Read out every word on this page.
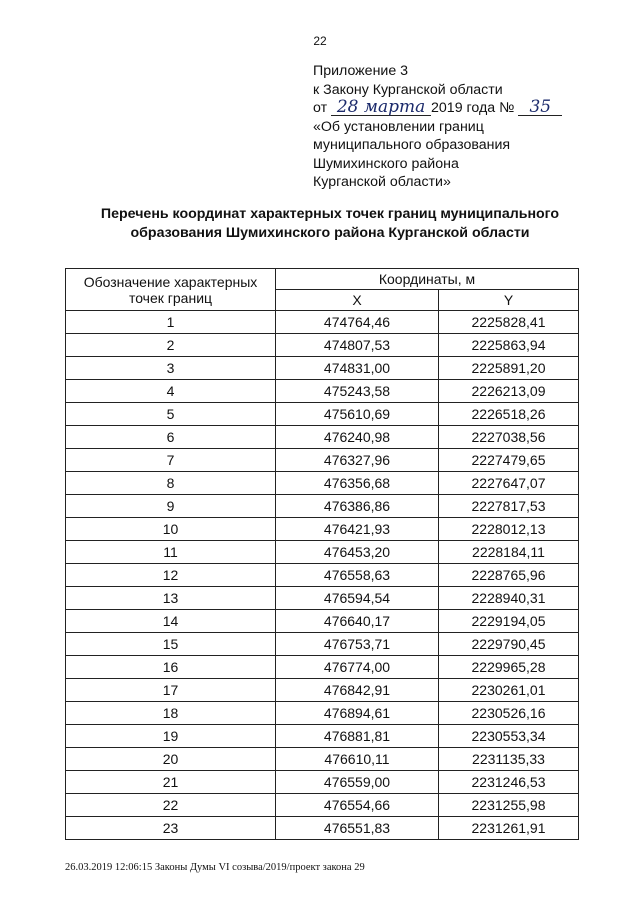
22
Приложение 3
к Закону Курганской области
от 28 марта 2019 года № 35
«Об установлении границ
муниципального образования
Шумихинского района
Курганской области»
Перечень координат характерных точек границ муниципального
образования Шумихинского района Курганской области
Обозначение характерных точек границ	Координаты, м	
	X	Y
1	474764,46	2225828,41
2	474807,53	2225863,94
3	474831,00	2225891,20
4	475243,58	2226213,09
5	475610,69	2226518,26
6	476240,98	2227038,56
7	476327,96	2227479,65
8	476356,68	2227647,07
9	476386,86	2227817,53
10	476421,93	2228012,13
11	476453,20	2228184,11
12	476558,63	2228765,96
13	476594,54	2228940,31
14	476640,17	2229194,05
15	476753,71	2229790,45
16	476774,00	2229965,28
17	476842,91	2230261,01
18	476894,61	2230526,16
19	476881,81	2230553,34
20	476610,11	2231135,33
21	476559,00	2231246,53
22	476554,66	2231255,98
23	476551,83	2231261,91
26.03.2019 12:06:15 Законы Думы VI созыва/2019/проект закона 29
